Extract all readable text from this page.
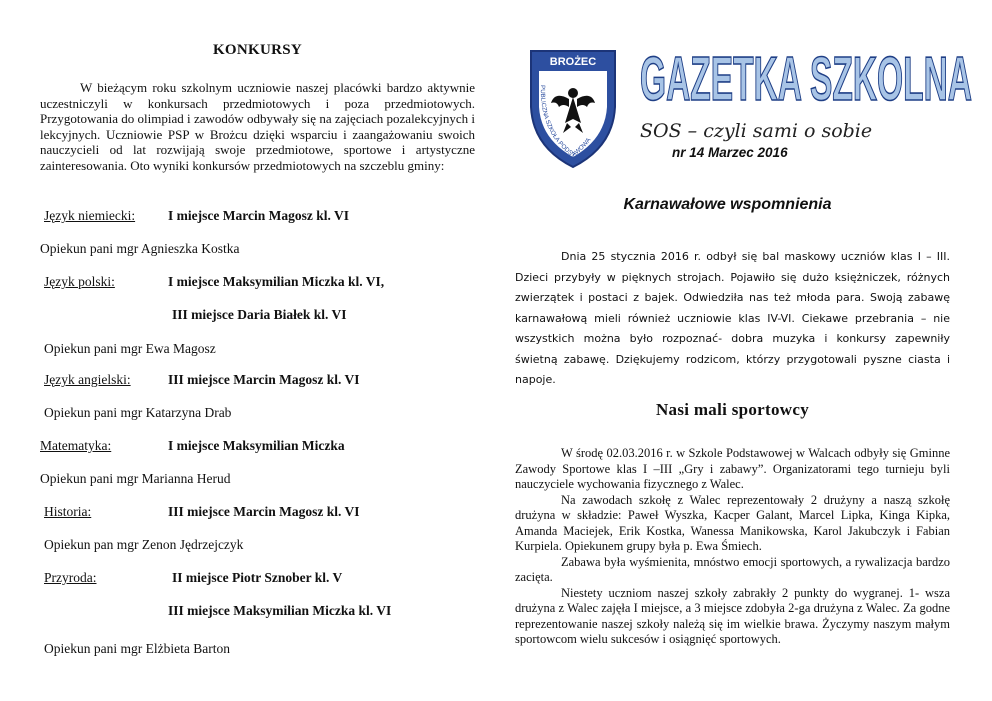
KONKURSY
W bieżącym roku szkolnym uczniowie naszej placówki bardzo aktywnie uczestniczyli w konkursach przedmiotowych i poza przedmiotowych. Przygotowania do olimpiad i zawodów odbywały się na zajęciach pozalekcyjnych i lekcyjnych. Uczniowie PSP w Brożcu dzięki wsparciu i zaangażowaniu swoich nauczycieli od lat rozwijają swoje przedmiotowe, sportowe i artystyczne zainteresowania. Oto wyniki konkursów przedmiotowych na szczeblu gminy:
Język niemiecki: I miejsce Marcin Magosz kl. VI
Opiekun pani mgr Agnieszka Kostka
Język polski:	I miejsce Maksymilian Miczka kl. VI,
III miejsce Daria Białek kl. VI
Opiekun pani mgr Ewa Magosz
Język angielski:	III miejsce Marcin Magosz kl. VI
Opiekun pani mgr Katarzyna Drab
Matematyka:	I miejsce Maksymilian Miczka
Opiekun pani mgr Marianna Herud
Historia:	III miejsce Marcin Magosz kl. VI
Opiekun pan mgr Zenon Jędrzejczyk
Przyroda:	II miejsce Piotr Sznober kl. V
III miejsce Maksymilian Miczka kl. VI
Opiekun pani mgr Elżbieta Barton
BROŻEC
PUBLICZNA SZKOŁA PODSTAWOWA
GAZETKA SZKOLNA
SOS – czyli sami o sobie
nr 14 Marzec 2016
Karnawałowe wspomnienia
Dnia 25 stycznia 2016 r. odbył się bal maskowy uczniów klas I – III. Dzieci przybyły w pięknych strojach. Pojawiło się dużo księżniczek, różnych zwierzątek i postaci z bajek. Odwiedziła nas też młoda para. Swoją zabawę karnawałową mieli również uczniowie klas IV-VI. Ciekawe przebrania – nie wszystkich można było rozpoznać- dobra muzyka i konkursy zapewniły świetną zabawę. Dziękujemy rodzicom, którzy przygotowali pyszne ciasta i napoje.
Nasi mali sportowcy

W środę 02.03.2016 r. w Szkole Podstawowej w Walcach odbyły się Gminne Zawody Sportowe klas I –III „Gry i zabawy”. Organizatorami tego turnieju byli nauczyciele wychowania fizycznego z Walec.

Na zawodach szkołę z Walec reprezentowały 2 drużyny a naszą szkołę drużyna w składzie: Paweł Wyszka, Kacper Galant, Marcel Lipka, Kinga Kipka, Amanda Maciejek, Erik Kostka, Wanessa Manikowska, Karol Jakubczyk i Fabian Kurpiela. Opiekunem grupy była p. Ewa Śmiech.

Zabawa była wyśmienita, mnóstwo emocji sportowych, a rywalizacja bardzo zacięta.

Niestety uczniom naszej szkoły zabrakły 2 punkty do wygranej. 1- wsza drużyna z Walec zajęła I miejsce, a 3 miejsce zdobyła 2-ga drużyna z Walec. Za godne reprezentowanie naszej szkoły należą się im wielkie brawa. Życzymy naszym małym sportowcom wielu sukcesów i osiągnięć sportowych.
